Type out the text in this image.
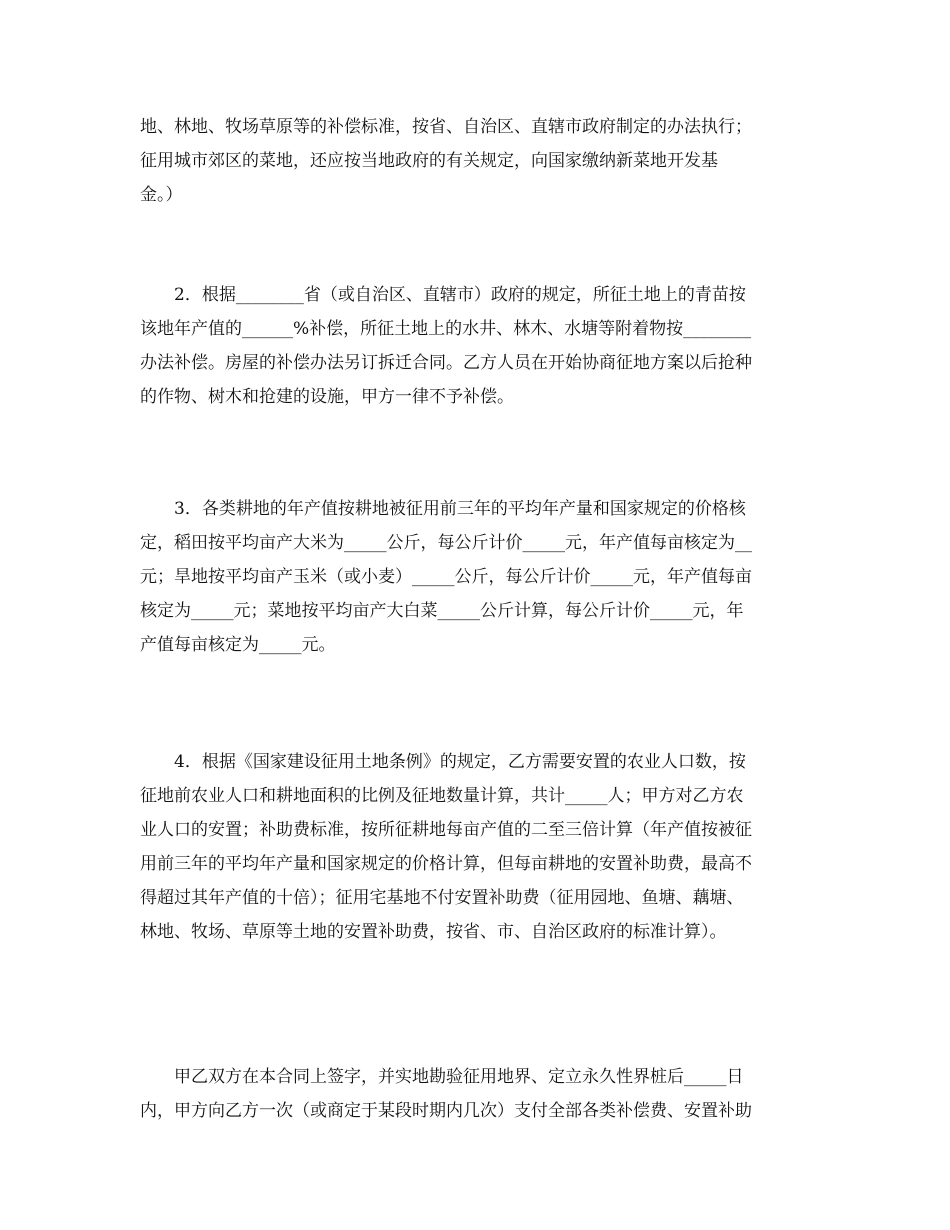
地、林地、牧场草原等的补偿标准，按省、自治区、直辖市政府制定的办法执行；
征用城市郊区的菜地，还应按当地政府的有关规定，向国家缴纳新菜地开发基
金。）
2．根据________省（或自治区、直辖市）政府的规定，所征土地上的青苗按
该地年产值的______%补偿，所征土地上的水井、林木、水塘等附着物按________
办法补偿。房屋的补偿办法另订拆迁合同。乙方人员在开始协商征地方案以后抢种
的作物、树木和抢建的设施，甲方一律不予补偿。
3．各类耕地的年产值按耕地被征用前三年的平均年产量和国家规定的价格核
定，稻田按平均亩产大米为_____公斤，每公斤计价_____元，年产值每亩核定为__
元；旱地按平均亩产玉米（或小麦）_____公斤，每公斤计价_____元，年产值每亩
核定为_____元；菜地按平均亩产大白菜_____公斤计算，每公斤计价_____元，年
产值每亩核定为_____元。
4．根据《国家建设征用土地条例》的规定，乙方需要安置的农业人口数，按
征地前农业人口和耕地面积的比例及征地数量计算，共计_____人；甲方对乙方农
业人口的安置；补助费标准，按所征耕地每亩产值的二至三倍计算（年产值按被征
用前三年的平均年产量和国家规定的价格计算，但每亩耕地的安置补助费，最高不
得超过其年产值的十倍）；征用宅基地不付安置补助费（征用园地、鱼塘、藕塘、
林地、牧场、草原等土地的安置补助费，按省、市、自治区政府的标准计算）。
甲乙双方在本合同上签字，并实地勘验征用地界、定立永久性界桩后_____日
内，甲方向乙方一次（或商定于某段时期内几次）支付全部各类补偿费、安置补助
